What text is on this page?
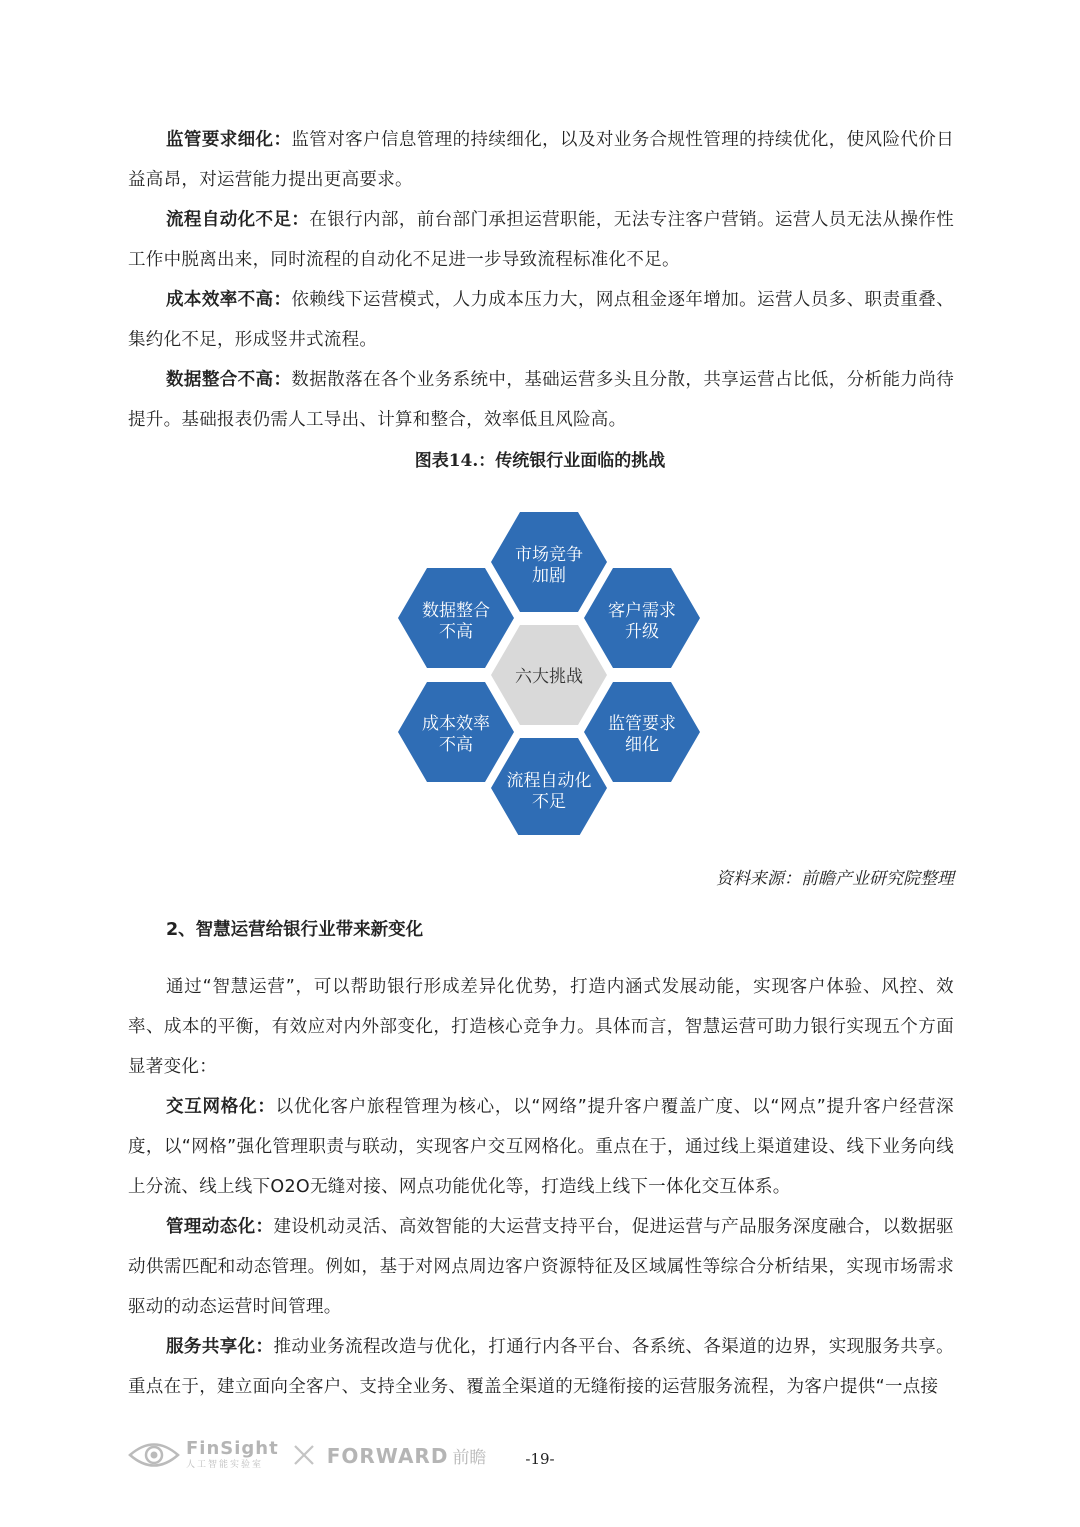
监管要求细化：监管对客户信息管理的持续细化，以及对业务合规性管理的持续优化，使风险代价日益高昂，对运营能力提出更高要求。

流程自动化不足：在银行内部，前台部门承担运营职能，无法专注客户营销。运营人员无法从操作性工作中脱离出来，同时流程的自动化不足进一步导致流程标准化不足。

成本效率不高：依赖线下运营模式，人力成本压力大，网点租金逐年增加。运营人员多、职责重叠、集约化不足，形成竖井式流程。

数据整合不高：数据散落在各个业务系统中，基础运营多头且分散，共享运营占比低，分析能力尚待提升。基础报表仍需人工导出、计算和整合，效率低且风险高。

图表14.：传统银行业面临的挑战

六大挑战
市场竞争
加剧
客户需求
升级
监管要求
细化
流程自动化
不足
成本效率
不高
数据整合
不高

资料来源：前瞻产业研究院整理

2、智慧运营给银行业带来新变化

通过“智慧运营”，可以帮助银行形成差异化优势，打造内涵式发展动能，实现客户体验、风控、效率、成本的平衡，有效应对内外部变化，打造核心竞争力。具体而言，智慧运营可助力银行实现五个方面显著变化：

交互网格化：以优化客户旅程管理为核心，以“网络”提升客户覆盖广度、以“网点”提升客户经营深度，以“网格”强化管理职责与联动，实现客户交互网格化。重点在于，通过线上渠道建设、线下业务向线上分流、线上线下O2O无缝对接、网点功能优化等，打造线上线下一体化交互体系。

管理动态化：建设机动灵活、高效智能的大运营支持平台，促进运营与产品服务深度融合，以数据驱动供需匹配和动态管理。例如，基于对网点周边客户资源特征及区域属性等综合分析结果，实现市场需求驱动的动态运营时间管理。

服务共享化：推动业务流程改造与优化，打通行内各平台、各系统、各渠道的边界，实现服务共享。重点在于，建立面向全客户、支持全业务、覆盖全渠道的无缝衔接的运营服务流程，为客户提供“一点接

FinSight
人工智能实验室	FORWARD 前瞻	-19-
